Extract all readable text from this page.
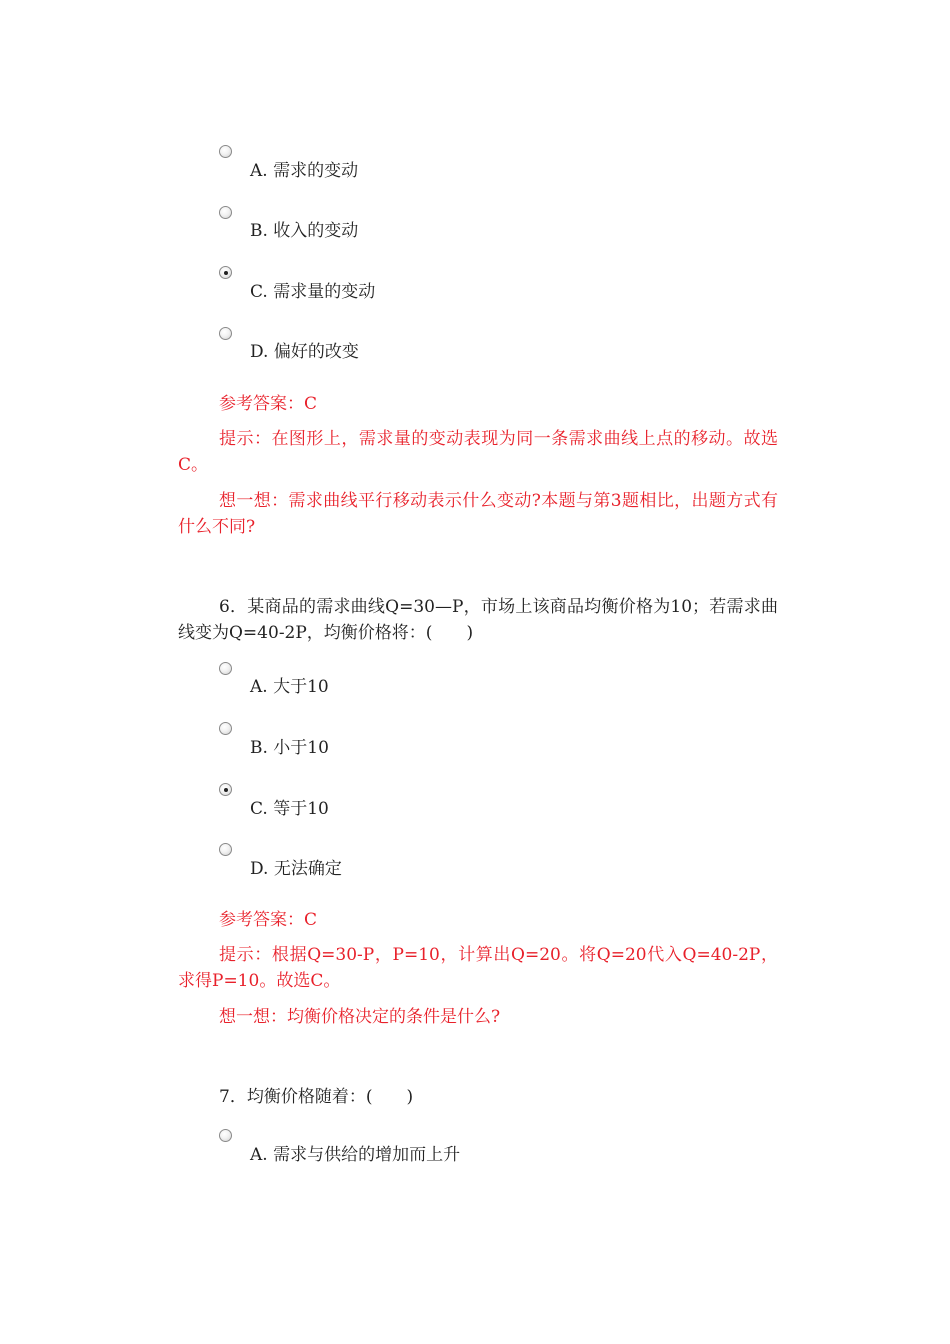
A. 需求的变动
B. 收入的变动
C. 需求量的变动
D. 偏好的改变
参考答案：C
提示：在图形上，需求量的变动表现为同一条需求曲线上点的移动。故选C。
想一想：需求曲线平行移动表示什么变动?本题与第3题相比，出题方式有什么不同?
6．某商品的需求曲线Q=30—P，市场上该商品均衡价格为10；若需求曲线变为Q=40-2P，均衡价格将：(　　)
A. 大于10
B. 小于10
C. 等于10
D. 无法确定
参考答案：C
提示：根据Q=30-P，P=10，计算出Q=20。将Q=20代入Q=40-2P，求得P=10。故选C。
想一想：均衡价格决定的条件是什么?
7．均衡价格随着：(　　)
A. 需求与供给的增加而上升
